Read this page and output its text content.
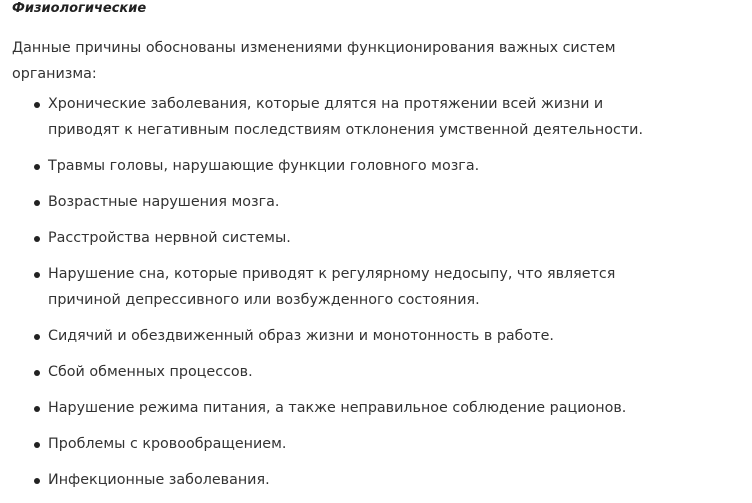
Физиологические

Данные причины обоснованы изменениями функционирования важных систем организма:

Хронические заболевания, которые длятся на протяжении всей жизни и приводят к негативным последствиям отклонения умственной деятельности.
Травмы головы, нарушающие функции головного мозга.
Возрастные нарушения мозга.
Расстройства нервной системы.
Нарушение сна, которые приводят к регулярному недосыпу, что является причиной депрессивного или возбужденного состояния.
Сидячий и обездвиженный образ жизни и монотонность в работе.
Сбой обменных процессов.
Нарушение режима питания, а также неправильное соблюдение рационов.
Проблемы с кровообращением.
Инфекционные заболевания.
